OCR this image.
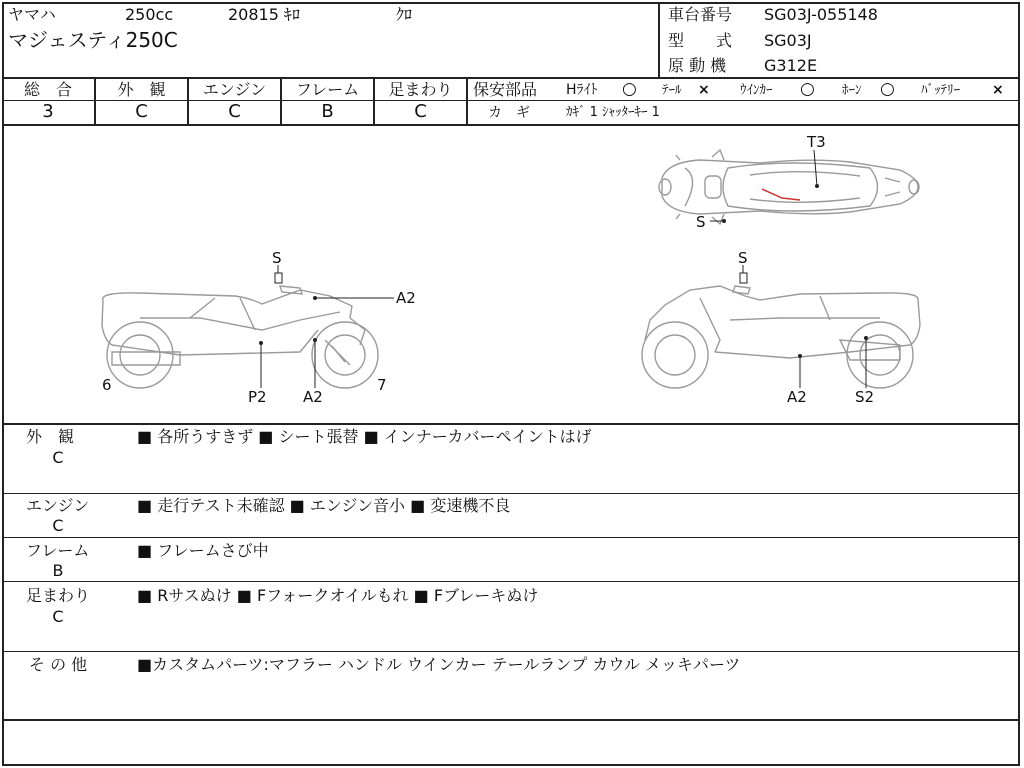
ヤマハ	250cc	20815 ｷﾛ	ｸﾛ
マジェスティ250C
車台番号 SG03J-055148
型　　式 SG03J
原 動 機 G312E
総　合	外　観	エンジン	フレーム	足まわり
3	C	C	B	C
保安部品 Hﾗｲﾄ ○ ﾃｰﾙ × ｳｲﾝｶｰ ○ ﾎｰﾝ ○ ﾊﾞｯﾃﾘｰ ×
カ　ギ	ｶｷﾞ 1 ｼｬｯﾀｰｷｰ 1
T3
S
S
A2
6	7
P2 A2
S
A2	S2
外　観
C
■ 各所うすきず ■ シート張替 ■ インナーカバーペイントはげ
エンジン
C
■ 走行テスト未確認 ■ エンジン音小 ■ 変速機不良
フレーム
B
■ フレームさび中
足まわり
C
■ Rサスぬけ ■ Fフォークオイルもれ ■ Fブレーキぬけ
そ の 他	■カスタムパーツ:マフラー ハンドル ウインカー テールランプ カウル メッキパーツ
